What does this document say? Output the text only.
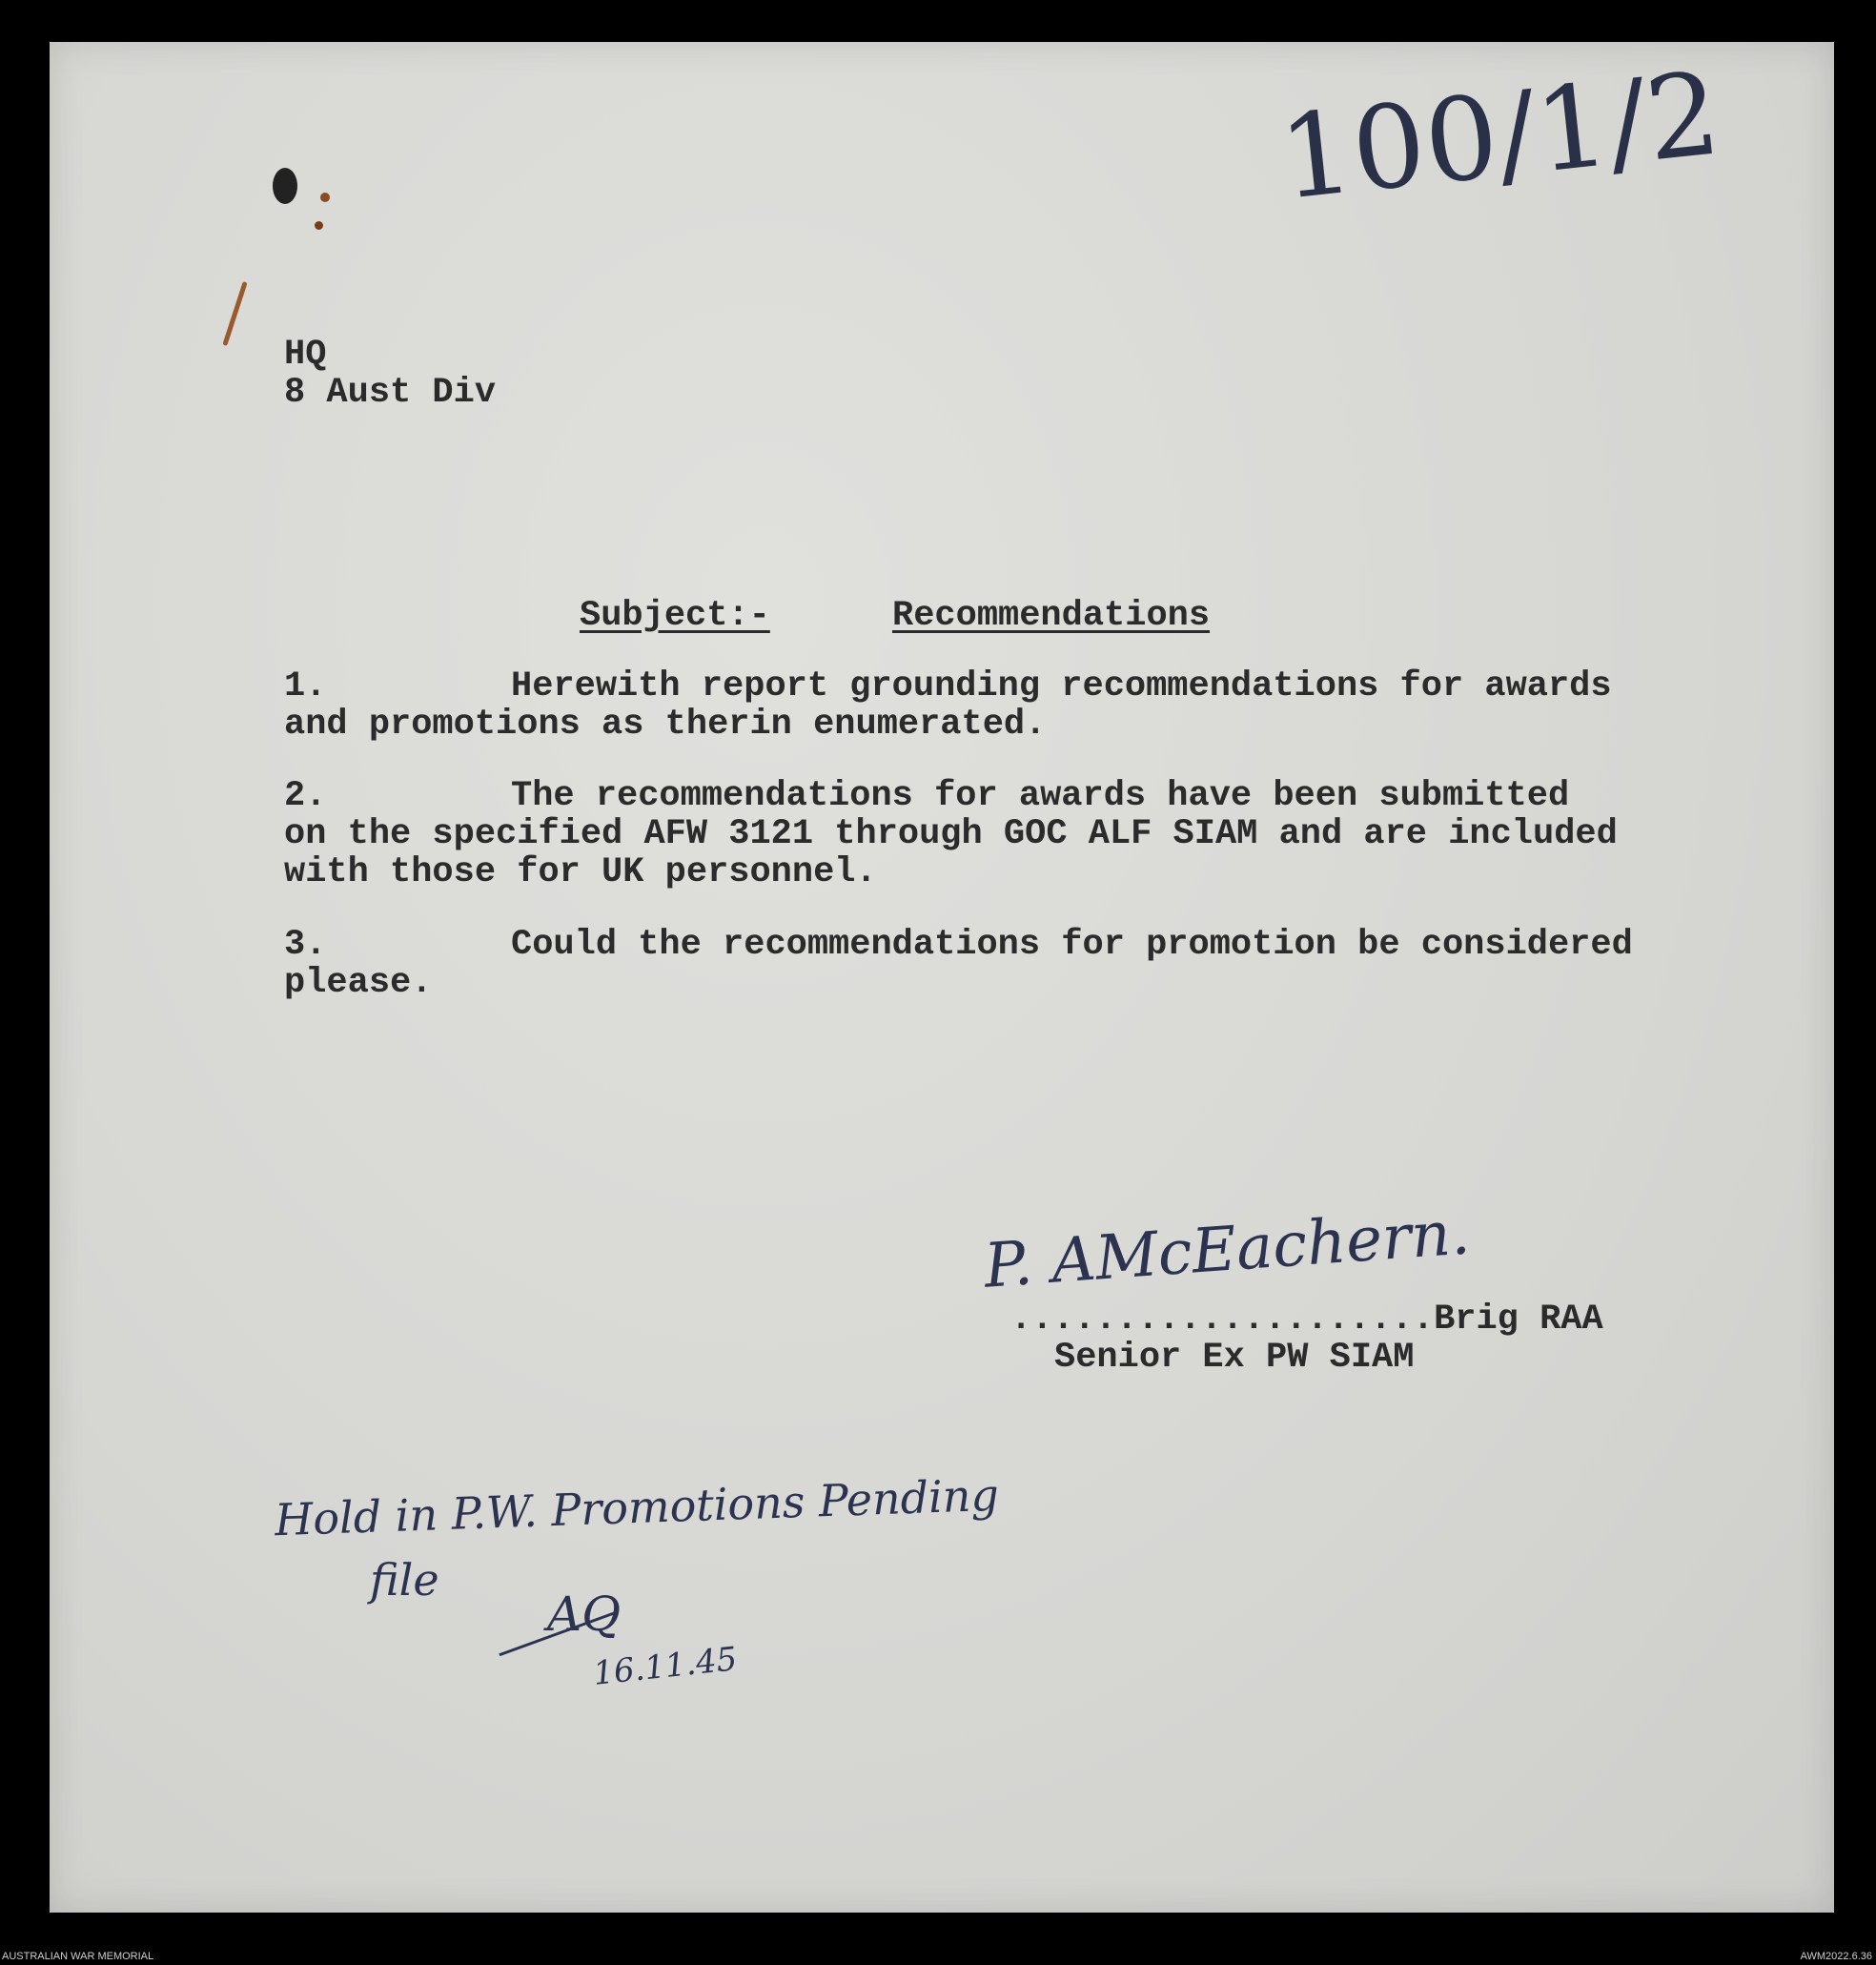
100/1/2
HQ
8 Aust Div
Subject:-	Recommendations
1.	Herewith report grounding recommendations for awards
and promotions as therin enumerated.
2.	The recommendations for awards have been submitted
on the specified AFW 3121 through GOC ALF SIAM and are included
with those for UK personnel.
3.	Could the recommendations for promotion be considered
please.
P. AMcEachern.
....................Brig RAA
Senior Ex PW SIAM
Hold in P.W. Promotions Pending
file
AQ
16.11.45
AUSTRALIAN WAR MEMORIAL	AWM2022.6.36
